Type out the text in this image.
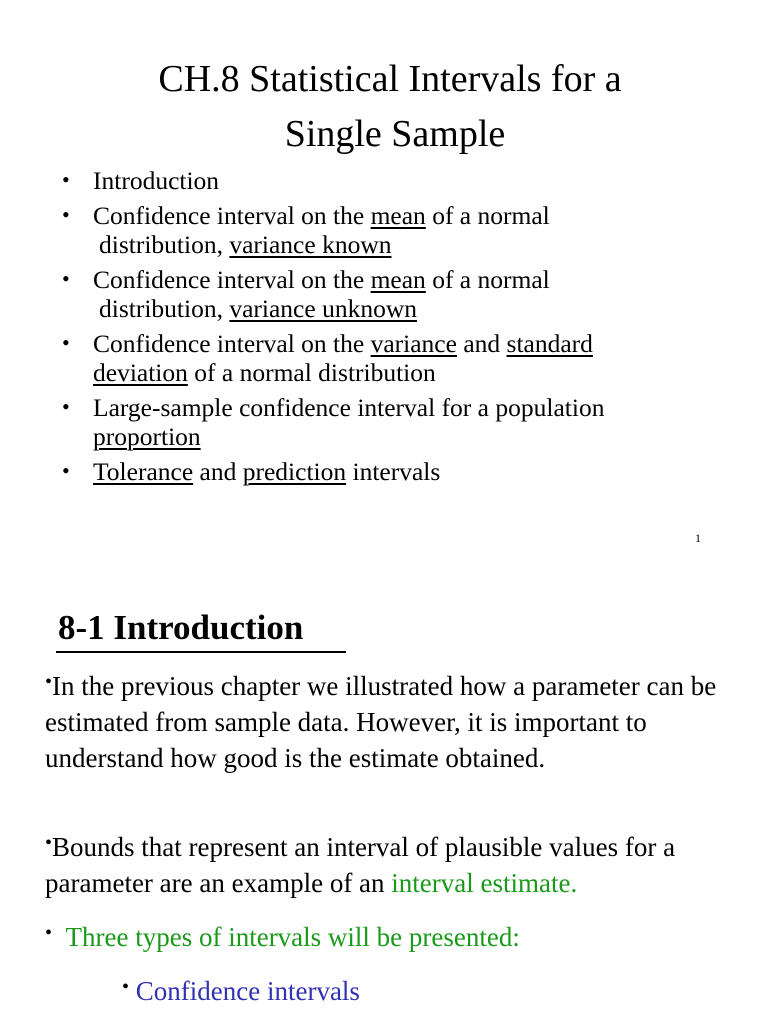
CH.8 Statistical Intervals for a
Single Sample
• Introduction
• Confidence interval on the mean of a normal
distribution, variance known
• Confidence interval on the mean of a normal
distribution, variance unknown
• Confidence interval on the variance and standard
deviation of a normal distribution
• Large-sample confidence interval for a population
proportion
• Tolerance and prediction intervals
1
8-1 Introduction

•In the previous chapter we illustrated how a parameter can be estimated from sample data. However, it is important to understand how good is the estimate obtained.

•Bounds that represent an interval of plausible values for a parameter are an example of an interval estimate.

• Three types of intervals will be presented:

• Confidence intervals
